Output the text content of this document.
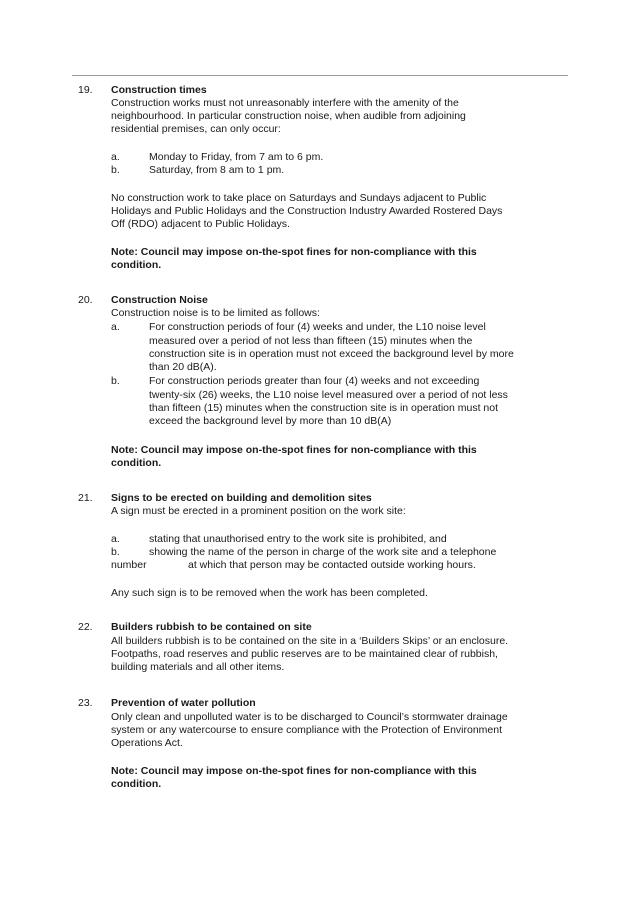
19. Construction times
Construction works must not unreasonably interfere with the amenity of the
neighbourhood. In particular construction noise, when audible from adjoining
residential premises, can only occur:
a.	Monday to Friday, from 7 am to 6 pm.
b.	Saturday, from 8 am to 1 pm.
No construction work to take place on Saturdays and Sundays adjacent to Public
Holidays and Public Holidays and the Construction Industry Awarded Rostered Days
Off (RDO) adjacent to Public Holidays.
Note: Council may impose on-the-spot fines for non-compliance with this
condition.
20. Construction Noise
Construction noise is to be limited as follows:
a.	For construction periods of four (4) weeks and under, the L10 noise level
measured over a period of not less than fifteen (15) minutes when the
construction site is in operation must not exceed the background level by more
than 20 dB(A).
b.	For construction periods greater than four (4) weeks and not exceeding
twenty-six (26) weeks, the L10 noise level measured over a period of not less
than fifteen (15) minutes when the construction site is in operation must not
exceed the background level by more than 10 dB(A)
Note: Council may impose on-the-spot fines for non-compliance with this
condition.
21. Signs to be erected on building and demolition sites
A sign must be erected in a prominent position on the work site:
a.	stating that unauthorised entry to the work site is prohibited, and
b.	showing the name of the person in charge of the work site and a telephone
number	at which that person may be contacted outside working hours.
Any such sign is to be removed when the work has been completed.
22. Builders rubbish to be contained on site
All builders rubbish is to be contained on the site in a ‘Builders Skips’ or an enclosure.
Footpaths, road reserves and public reserves are to be maintained clear of rubbish,
building materials and all other items.
23. Prevention of water pollution
Only clean and unpolluted water is to be discharged to Council’s stormwater drainage
system or any watercourse to ensure compliance with the Protection of Environment
Operations Act.
Note: Council may impose on-the-spot fines for non-compliance with this
condition.
